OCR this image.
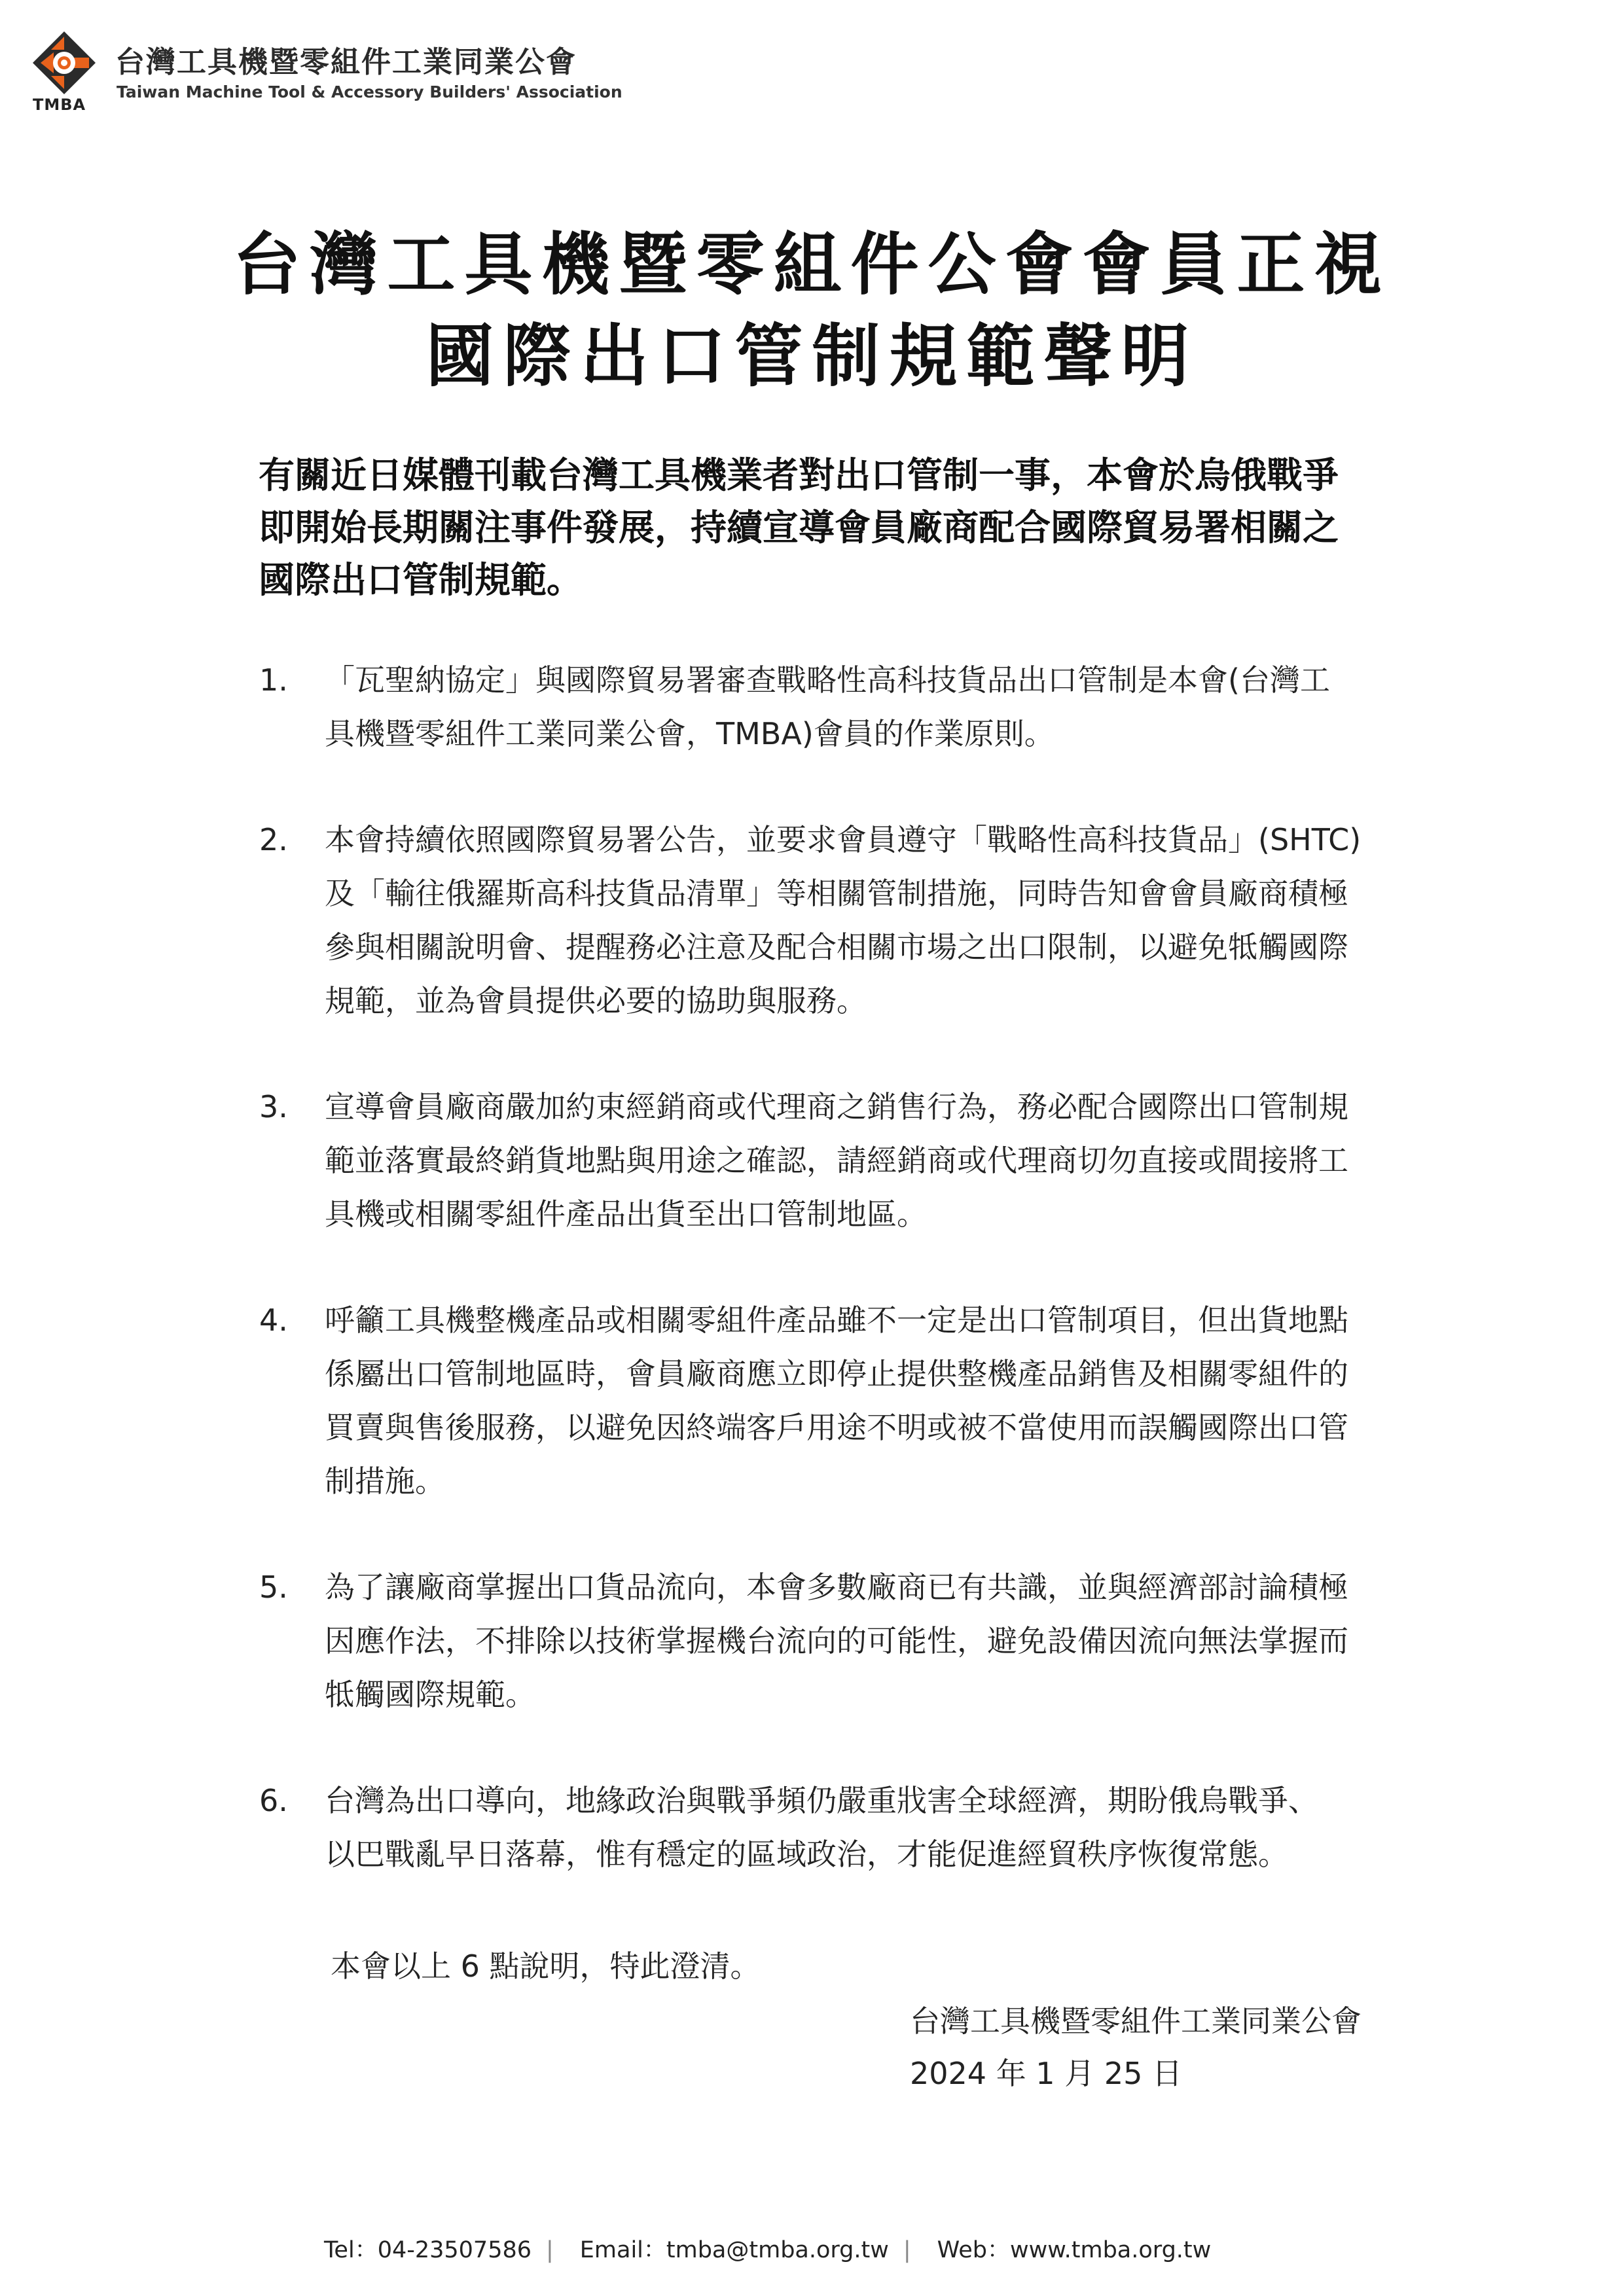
TMBA
台灣工具機暨零組件工業同業公會
Taiwan Machine Tool & Accessory Builders' Association
台灣工具機暨零組件公會會員正視
國際出口管制規範聲明
有關近日媒體刊載台灣工具機業者對出口管制一事，本會於烏俄戰爭
即開始長期關注事件發展，持續宣導會員廠商配合國際貿易署相關之
國際出口管制規範。
1. 「瓦聖納協定」與國際貿易署審查戰略性高科技貨品出口管制是本會(台灣工
具機暨零組件工業同業公會，TMBA)會員的作業原則。
2. 本會持續依照國際貿易署公告，並要求會員遵守「戰略性高科技貨品」(SHTC)
及「輸往俄羅斯高科技貨品清單」等相關管制措施，同時告知會會員廠商積極
參與相關說明會、提醒務必注意及配合相關市場之出口限制，以避免牴觸國際
規範，並為會員提供必要的協助與服務。
3. 宣導會員廠商嚴加約束經銷商或代理商之銷售行為，務必配合國際出口管制規
範並落實最終銷貨地點與用途之確認，請經銷商或代理商切勿直接或間接將工
具機或相關零組件產品出貨至出口管制地區。
4. 呼籲工具機整機產品或相關零組件產品雖不一定是出口管制項目，但出貨地點
係屬出口管制地區時，會員廠商應立即停止提供整機產品銷售及相關零組件的
買賣與售後服務，以避免因終端客戶用途不明或被不當使用而誤觸國際出口管
制措施。
5. 為了讓廠商掌握出口貨品流向，本會多數廠商已有共識，並與經濟部討論積極
因應作法，不排除以技術掌握機台流向的可能性，避免設備因流向無法掌握而
牴觸國際規範。
6. 台灣為出口導向，地緣政治與戰爭頻仍嚴重戕害全球經濟，期盼俄烏戰爭、
以巴戰亂早日落幕，惟有穩定的區域政治，才能促進經貿秩序恢復常態。
本會以上 6 點說明，特此澄清。
台灣工具機暨零組件工業同業公會
2024 年 1 月 25 日
Tel：04-23507586 | Email：tmba@tmba.org.tw | Web：www.tmba.org.tw
